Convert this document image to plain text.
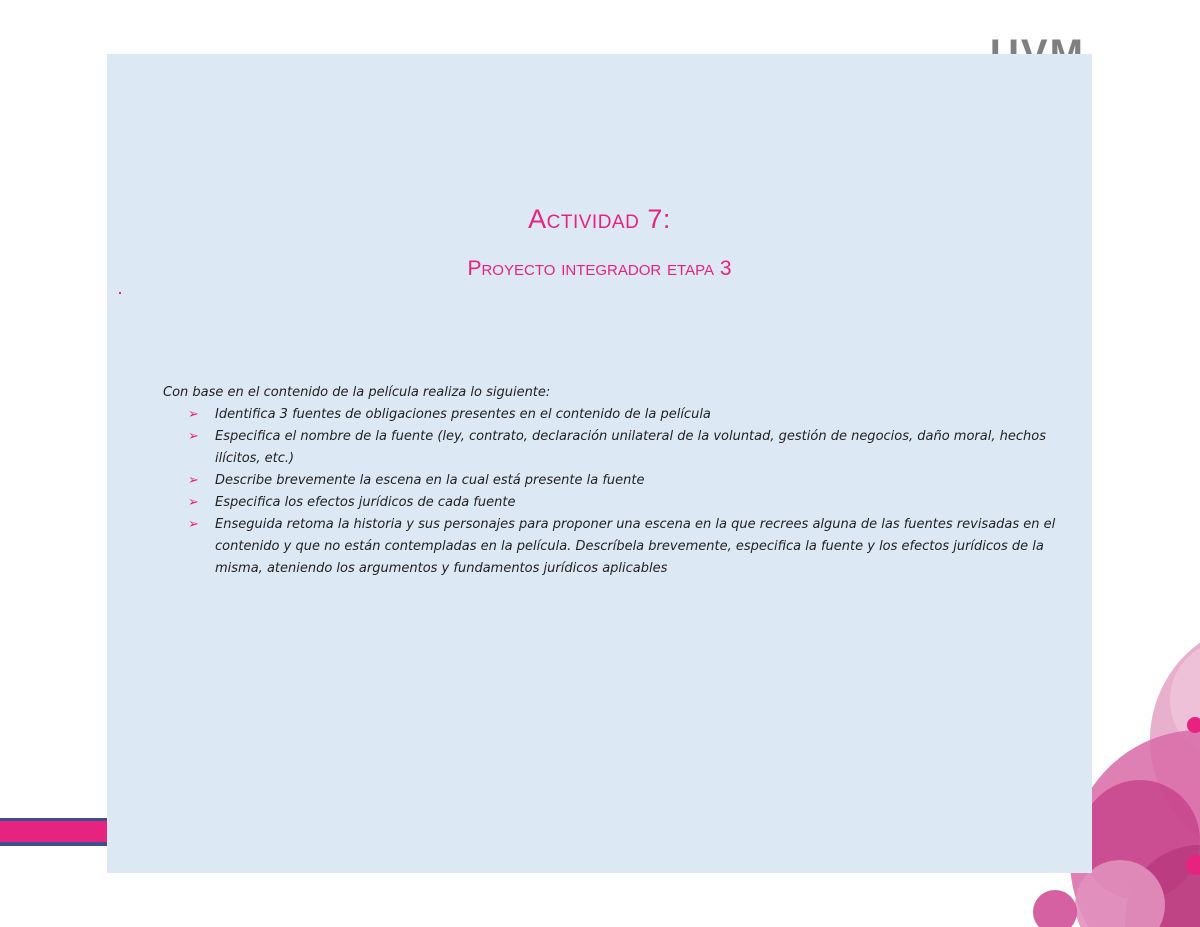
Actividad 7:
Proyecto integrador etapa 3

Con base en el contenido de la película realiza lo siguiente:

➢ Identifica 3 fuentes de obligaciones presentes en el contenido de la película
➢ Especifica el nombre de la fuente (ley, contrato, declaración unilateral de la voluntad, gestión de negocios, daño moral, hechos ilícitos, etc.)
➢ Describe brevemente la escena en la cual está presente la fuente
➢ Especifica los efectos jurídicos de cada fuente
➢ Enseguida retoma la historia y sus personajes para proponer una escena en la que recrees alguna de las fuentes revisadas en el contenido y que no están contempladas en la película. Descríbela brevemente, especifica la fuente y los efectos jurídicos de la misma, ateniendo los argumentos y fundamentos jurídicos aplicables
